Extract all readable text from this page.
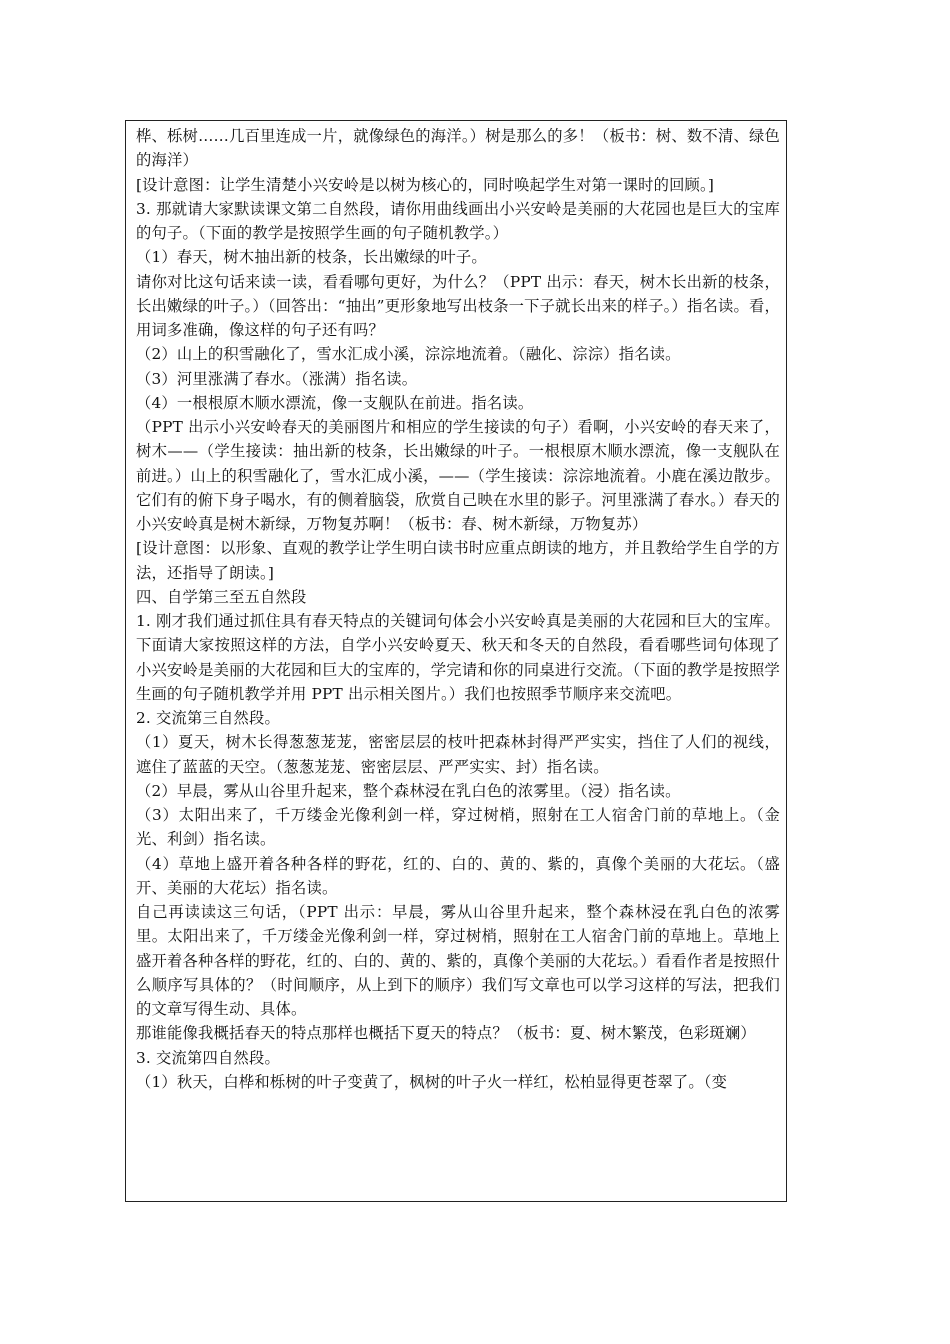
桦、栎树……几百里连成一片，就像绿色的海洋。）树是那么的多！（板书：树、数不清、绿色的海洋）

[设计意图：让学生清楚小兴安岭是以树为核心的，同时唤起学生对第一课时的回顾。]

3. 那就请大家默读课文第二自然段，请你用曲线画出小兴安岭是美丽的大花园也是巨大的宝库的句子。（下面的教学是按照学生画的句子随机教学。）

（1）春天，树木抽出新的枝条，长出嫩绿的叶子。

请你对比这句话来读一读，看看哪句更好，为什么？（PPT 出示：春天，树木长出新的枝条，长出嫩绿的叶子。）（回答出：“抽出”更形象地写出枝条一下子就长出来的样子。）指名读。看，用词多准确，像这样的句子还有吗？

（2）山上的积雪融化了，雪水汇成小溪，淙淙地流着。（融化、淙淙）指名读。

（3）河里涨满了春水。（涨满）指名读。

（4）一根根原木顺水漂流，像一支舰队在前进。指名读。

（PPT 出示小兴安岭春天的美丽图片和相应的学生接读的句子）看啊，小兴安岭的春天来了，树木——（学生接读：抽出新的枝条，长出嫩绿的叶子。一根根原木顺水漂流，像一支舰队在前进。）山上的积雪融化了，雪水汇成小溪，——（学生接读：淙淙地流着。小鹿在溪边散步。它们有的俯下身子喝水，有的侧着脑袋，欣赏自己映在水里的影子。河里涨满了春水。）春天的小兴安岭真是树木新绿，万物复苏啊！（板书：春、树木新绿，万物复苏）

[设计意图：以形象、直观的教学让学生明白读书时应重点朗读的地方，并且教给学生自学的方法，还指导了朗读。]

四、自学第三至五自然段

1. 刚才我们通过抓住具有春天特点的关键词句体会小兴安岭真是美丽的大花园和巨大的宝库。下面请大家按照这样的方法，自学小兴安岭夏天、秋天和冬天的自然段，看看哪些词句体现了小兴安岭是美丽的大花园和巨大的宝库的，学完请和你的同桌进行交流。（下面的教学是按照学生画的句子随机教学并用 PPT 出示相关图片。）我们也按照季节顺序来交流吧。

2. 交流第三自然段。

（1）夏天，树木长得葱葱茏茏，密密层层的枝叶把森林封得严严实实，挡住了人们的视线，遮住了蓝蓝的天空。（葱葱茏茏、密密层层、严严实实、封）指名读。

（2）早晨，雾从山谷里升起来，整个森林浸在乳白色的浓雾里。（浸）指名读。

（3）太阳出来了，千万缕金光像利剑一样，穿过树梢，照射在工人宿舍门前的草地上。（金光、利剑）指名读。

（4）草地上盛开着各种各样的野花，红的、白的、黄的、紫的，真像个美丽的大花坛。（盛开、美丽的大花坛）指名读。

自己再读读这三句话，（PPT 出示：早晨，雾从山谷里升起来，整个森林浸在乳白色的浓雾里。太阳出来了，千万缕金光像利剑一样，穿过树梢，照射在工人宿舍门前的草地上。草地上盛开着各种各样的野花，红的、白的、黄的、紫的，真像个美丽的大花坛。）看看作者是按照什么顺序写具体的？（时间顺序，从上到下的顺序）我们写文章也可以学习这样的写法，把我们的文章写得生动、具体。

那谁能像我概括春天的特点那样也概括下夏天的特点？（板书：夏、树木繁茂，色彩斑斓）

3. 交流第四自然段。

（1）秋天，白桦和栎树的叶子变黄了，枫树的叶子火一样红，松柏显得更苍翠了。（变
